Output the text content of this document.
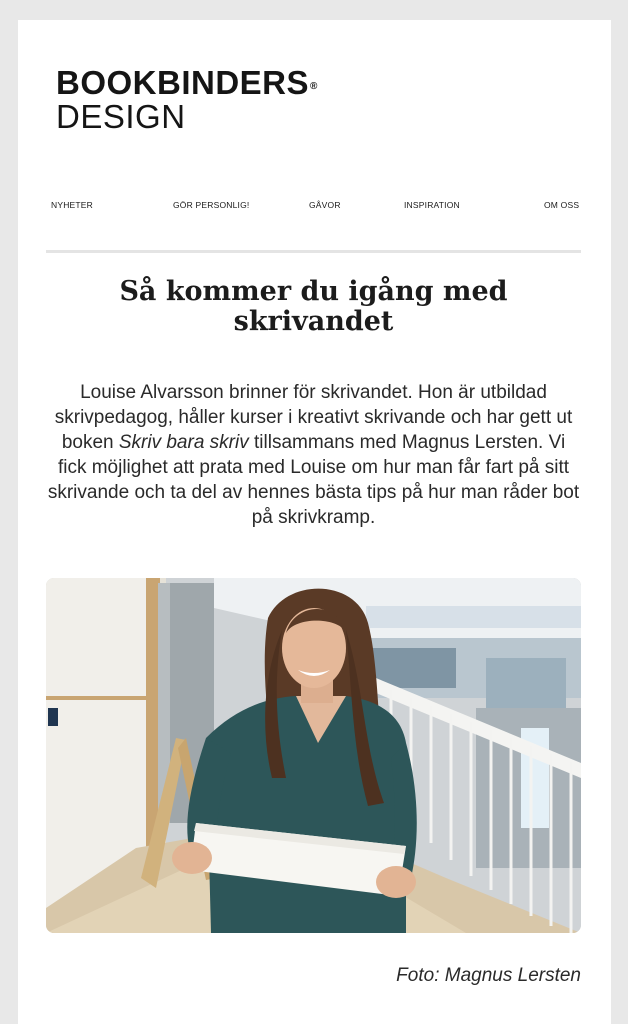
BOOKBINDERS®
DESIGN
NYHETER	GÖR PERSONLIG!	GÅVOR	INSPIRATION	OM OSS
Så kommer du igång med skrivandet

Louise Alvarsson brinner för skrivandet. Hon är utbildad skrivpedagog, håller kurser i kreativt skrivande och har gett ut boken Skriv bara skriv tillsammans med Magnus Lersten. Vi fick möjlighet att prata med Louise om hur man får fart på sitt skrivande och ta del av hennes bästa tips på hur man råder bot på skrivkramp.

Foto: Magnus Lersten
